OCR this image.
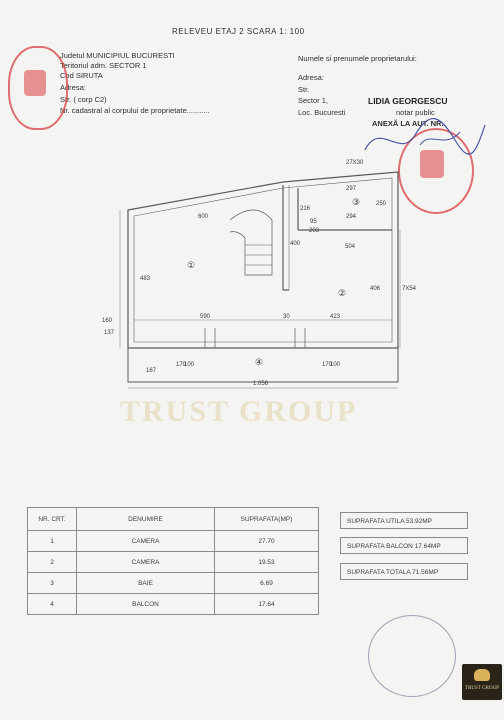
RELEVEU ETAJ 2 SCARA 1: 100
Judetul MUNICIPIUL BUCURESTI
Teritoriul adm. SECTOR 1
Cod SIRUTA
Adresa:
Str. ( corp C2)
Nr. cadastral al corpului de proprietate...........
Numele si prenumele proprietarului:
Adresa:
Str.
Sector 1,
Loc. Bucuresti
LIDIA GEORGESCU
notar public
ANEXĂ LA AUT. NR.
TRUST GROUP
600
27X30
297
294
250
216
95
203
400	504
483
406	7X54
160
137
590	30	423
167
170
100	170
100
1.056
①
②
③
④
NR. CRT.	DENUMIRE	SUPRAFATA(MP)
1	CAMERA	27.70
2	CAMERA	19.53
3	BAIE	6.69
4	BALCON	17.64
SUPRAFATA UTILA 53.92MP
SUPRAFATA BALCON 17.64MP
SUPRAFATA TOTALA 71.56MP
TRUST GROUP
